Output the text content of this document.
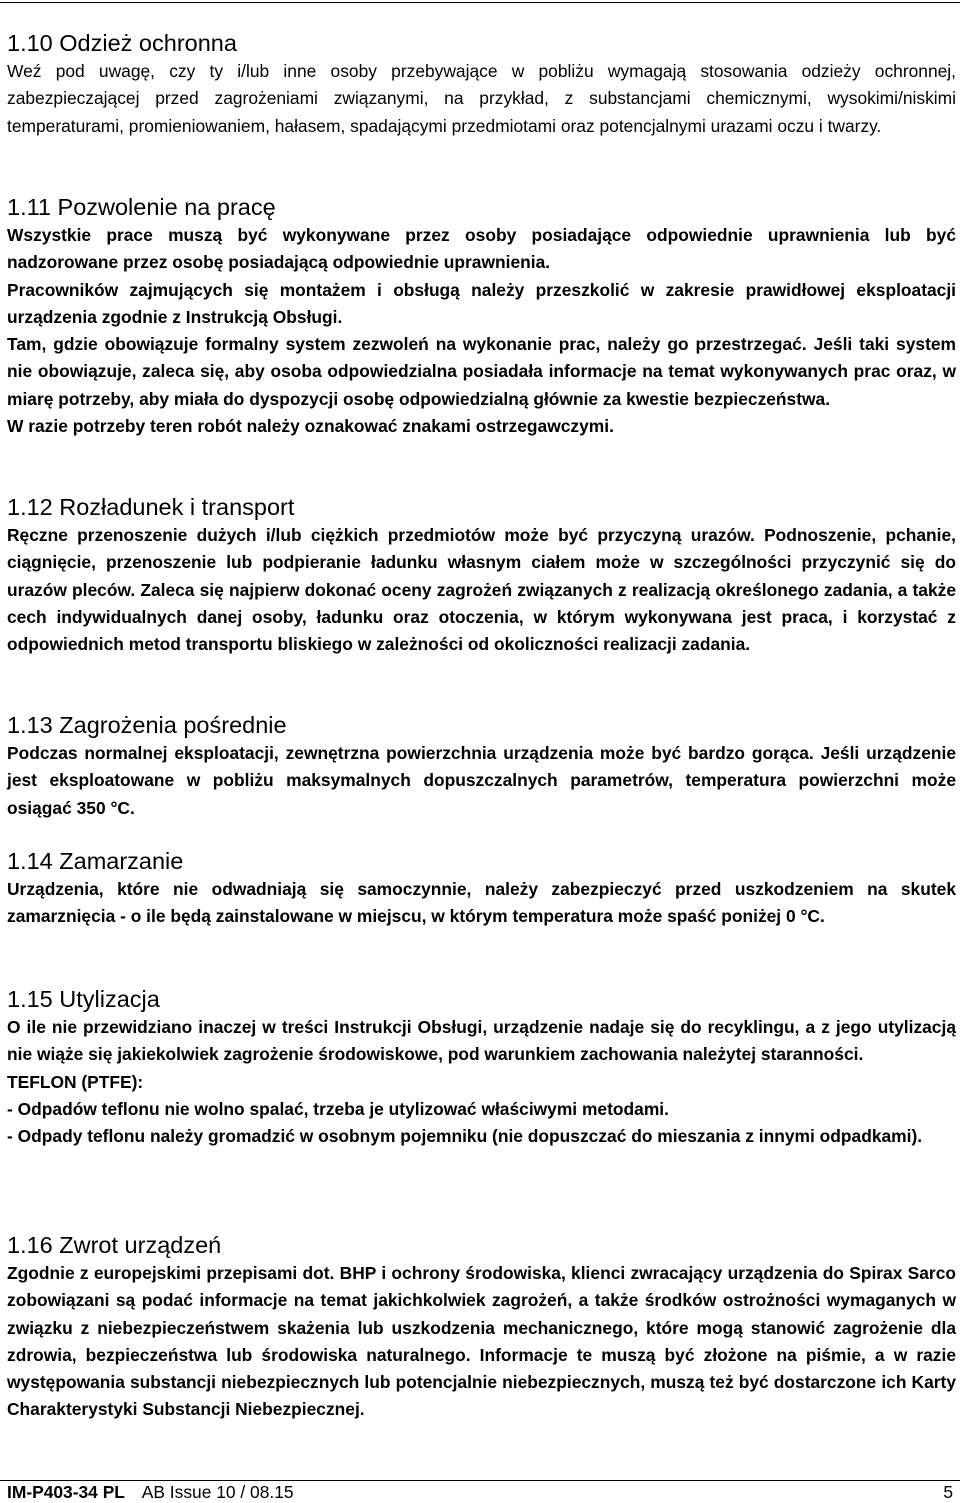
1.10 Odzież ochronna

Weź pod uwagę, czy ty i/lub inne osoby przebywające w pobliżu wymagają stosowania odzieży ochronnej, zabezpieczającej przed zagrożeniami związanymi, na przykład, z substancjami chemicznymi, wysokimi/niskimi temperaturami, promieniowaniem, hałasem, spadającymi przedmiotami oraz potencjalnymi urazami oczu i twarzy.

1.11 Pozwolenie na pracę

Wszystkie prace muszą być wykonywane przez osoby posiadające odpowiednie uprawnienia lub być nadzorowane przez osobę posiadającą odpowiednie uprawnienia.

Pracowników zajmujących się montażem i obsługą należy przeszkolić w zakresie prawidłowej eksploatacji urządzenia zgodnie z Instrukcją Obsługi.

Tam, gdzie obowiązuje formalny system zezwoleń na wykonanie prac, należy go przestrzegać. Jeśli taki system nie obowiązuje, zaleca się, aby osoba odpowiedzialna posiadała informacje na temat wykonywanych prac oraz, w miarę potrzeby, aby miała do dyspozycji osobę odpowiedzialną głównie za kwestie bezpieczeństwa.

W razie potrzeby teren robót należy oznakować znakami ostrzegawczymi.

1.12 Rozładunek i transport

Ręczne przenoszenie dużych i/lub ciężkich przedmiotów może być przyczyną urazów. Podnoszenie, pchanie, ciągnięcie, przenoszenie lub podpieranie ładunku własnym ciałem może w szczególności przyczynić się do urazów pleców. Zaleca się najpierw dokonać oceny zagrożeń związanych z realizacją określonego zadania, a także cech indywidualnych danej osoby, ładunku oraz otoczenia, w którym wykonywana jest praca, i korzystać z odpowiednich metod transportu bliskiego w zależności od okoliczności realizacji zadania.

1.13 Zagrożenia pośrednie

Podczas normalnej eksploatacji, zewnętrzna powierzchnia urządzenia może być bardzo gorąca. Jeśli urządzenie jest eksploatowane w pobliżu maksymalnych dopuszczalnych parametrów, temperatura powierzchni może osiągać 350 °C.

1.14 Zamarzanie

Urządzenia, które nie odwadniają się samoczynnie, należy zabezpieczyć przed uszkodzeniem na skutek zamarznięcia - o ile będą zainstalowane w miejscu, w którym temperatura może spaść poniżej 0 °C.

1.15 Utylizacja

O ile nie przewidziano inaczej w treści Instrukcji Obsługi, urządzenie nadaje się do recyklingu, a z jego utylizacją nie wiąże się jakiekolwiek zagrożenie środowiskowe, pod warunkiem zachowania należytej staranności.

TEFLON (PTFE):

- Odpadów teflonu nie wolno spalać, trzeba je utylizować właściwymi metodami.

- Odpady teflonu należy gromadzić w osobnym pojemniku (nie dopuszczać do mieszania z innymi odpadkami).

1.16 Zwrot urządzeń

Zgodnie z europejskimi przepisami dot. BHP i ochrony środowiska, klienci zwracający urządzenia do Spirax Sarco zobowiązani są podać informacje na temat jakichkolwiek zagrożeń, a także środków ostrożności wymaganych w związku z niebezpieczeństwem skażenia lub uszkodzenia mechanicznego, które mogą stanowić zagrożenie dla zdrowia, bezpieczeństwa lub środowiska naturalnego. Informacje te muszą być złożone na piśmie, a w razie występowania substancji niebezpiecznych lub potencjalnie niebezpiecznych, muszą też być dostarczone ich Karty Charakterystyki Substancji Niebezpiecznej.

IM-P403-34 PL AB Issue 10 / 08.15	5
